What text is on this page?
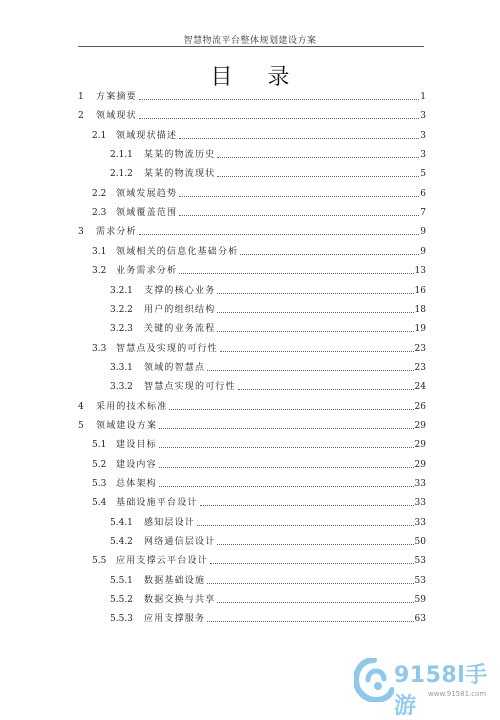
智慧物流平台整体规划建设方案
目 录
1	方案摘要	1
2	领域现状	3
2.1	领域现状描述	3
2.1.1	某某的物流历史	3
2.1.2	某某的物流现状	5
2.2	领域发展趋势	6
2.3	领域覆盖范围	7
3	需求分析	9
3.1	领域相关的信息化基础分析	9
3.2	业务需求分析	13
3.2.1	支撑的核心业务	16
3.2.2	用户的组织结构	18
3.2.3	关键的业务流程	19
3.3	智慧点及实现的可行性	23
3.3.1	领域的智慧点	23
3.3.2	智慧点实现的可行性	24
4	采用的技术标准	26
5	领域建设方案	29
5.1	建设目标	29
5.2	建设内容	29
5.3	总体架构	33
5.4	基础设施平台设计	33
5.4.1	感知层设计	33
5.4.2	网络通信层设计	50
5.5	应用支撑云平台设计	53
5.5.1	数据基础设施	53
5.5.2	数据交换与共享	59
5.5.3	应用支撑服务	63
9158l手游	www.91581.com
